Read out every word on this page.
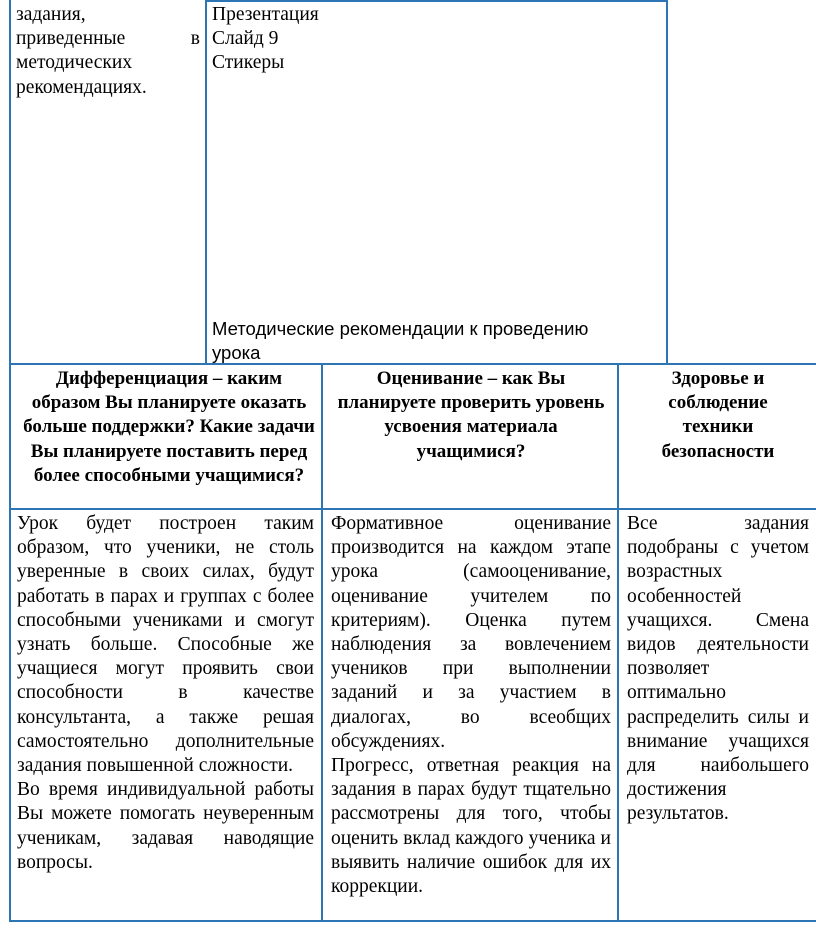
задания,

приведенные в

методических

рекомендациях.

Презентация

Слайд 9

Стикеры

Методические рекомендации к проведению

урока

Дифференциация – каким образом Вы планируете оказать больше поддержки? Какие задачи Вы планируете поставить перед более способными учащимися?

Оценивание – как Вы планируете проверить уровень усвоения материала учащимися?

Здоровье и соблюдение техники безопасности

Урок будет построен таким образом, что ученики, не столь уверенные в своих силах, будут работать в парах и группах с более способными учениками и смогут узнать больше. Способные же учащиеся могут проявить свои способности в качестве консультанта, а также решая самостоятельно дополнительные задания повышенной сложности.

Во время индивидуальной работы Вы можете помогать неуверенным ученикам, задавая наводящие вопросы.

Формативное оценивание производится на каждом этапе урока (самооценивание, оценивание учителем по критериям). Оценка путем наблюдения за вовлечением учеников при выполнении заданий и за участием в диалогах, во всеобщих обсуждениях.

Прогресс, ответная реакция на задания в парах будут тщательно рассмотрены для того, чтобы оценить вклад каждого ученика и выявить наличие ошибок для их коррекции.

Все задания подобраны с учетом возрастных особенностей учащихся. Смена видов деятельности позволяет оптимально распределить силы и внимание учащихся для наибольшего достижения результатов.
